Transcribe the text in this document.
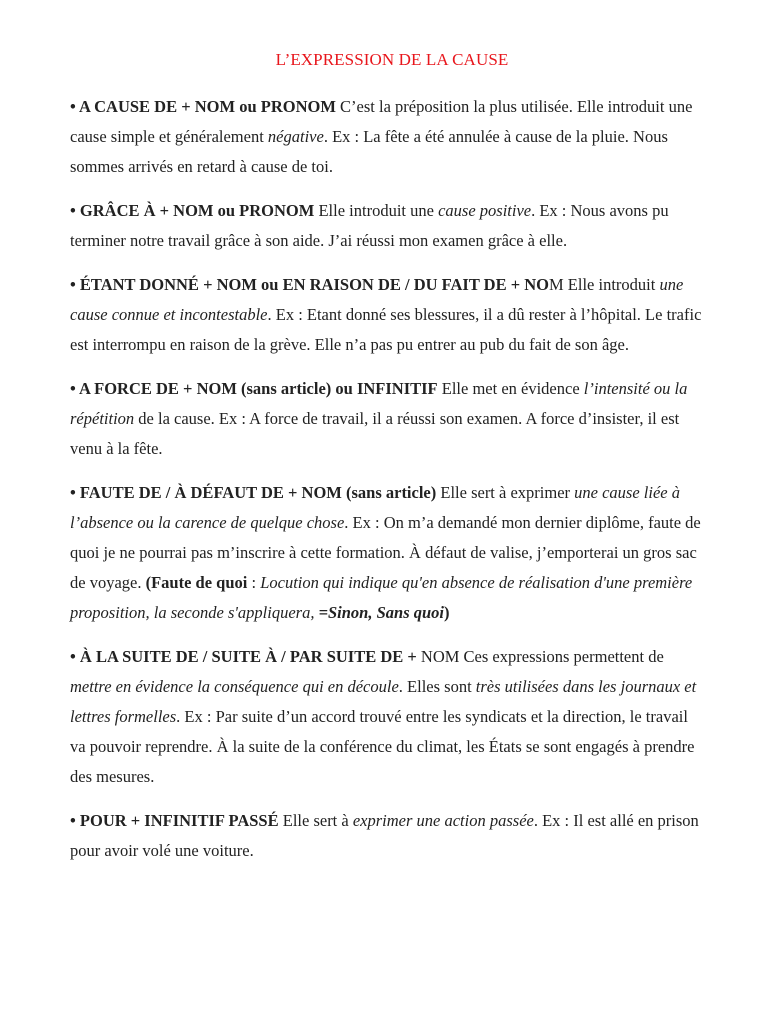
L’EXPRESSION DE LA CAUSE

• A CAUSE DE + NOM ou PRONOM C’est la préposition la plus utilisée. Elle introduit une cause simple et généralement négative. Ex : La fête a été annulée à cause de la pluie. Nous sommes arrivés en retard à cause de toi.

• GRÂCE À + NOM ou PRONOM Elle introduit une cause positive. Ex : Nous avons pu terminer notre travail grâce à son aide. J’ai réussi mon examen grâce à elle.

• ÉTANT DONNÉ + NOM ou EN RAISON DE / DU FAIT DE + NOM Elle introduit une cause connue et incontestable. Ex : Etant donné ses blessures, il a dû rester à l’hôpital. Le trafic est interrompu en raison de la grève. Elle n’a pas pu entrer au pub du fait de son âge.

• A FORCE DE + NOM (sans article) ou INFINITIF Elle met en évidence l’intensité ou la répétition de la cause. Ex : A force de travail, il a réussi son examen. A force d’insister, il est venu à la fête.

• FAUTE DE / À DÉFAUT DE + NOM (sans article) Elle sert à exprimer une cause liée à l’absence ou la carence de quelque chose. Ex : On m’a demandé mon dernier diplôme, faute de quoi je ne pourrai pas m’inscrire à cette formation. À défaut de valise, j’emporterai un gros sac de voyage. (Faute de quoi : Locution qui indique qu'en absence de réalisation d'une première proposition, la seconde s'appliquera, =Sinon, Sans quoi)

• À LA SUITE DE / SUITE À / PAR SUITE DE + NOM Ces expressions permettent de mettre en évidence la conséquence qui en découle. Elles sont très utilisées dans les journaux et lettres formelles. Ex : Par suite d’un accord trouvé entre les syndicats et la direction, le travail va pouvoir reprendre. À la suite de la conférence du climat, les États se sont engagés à prendre des mesures.

• POUR + INFINITIF PASSÉ Elle sert à exprimer une action passée. Ex : Il est allé en prison pour avoir volé une voiture.
